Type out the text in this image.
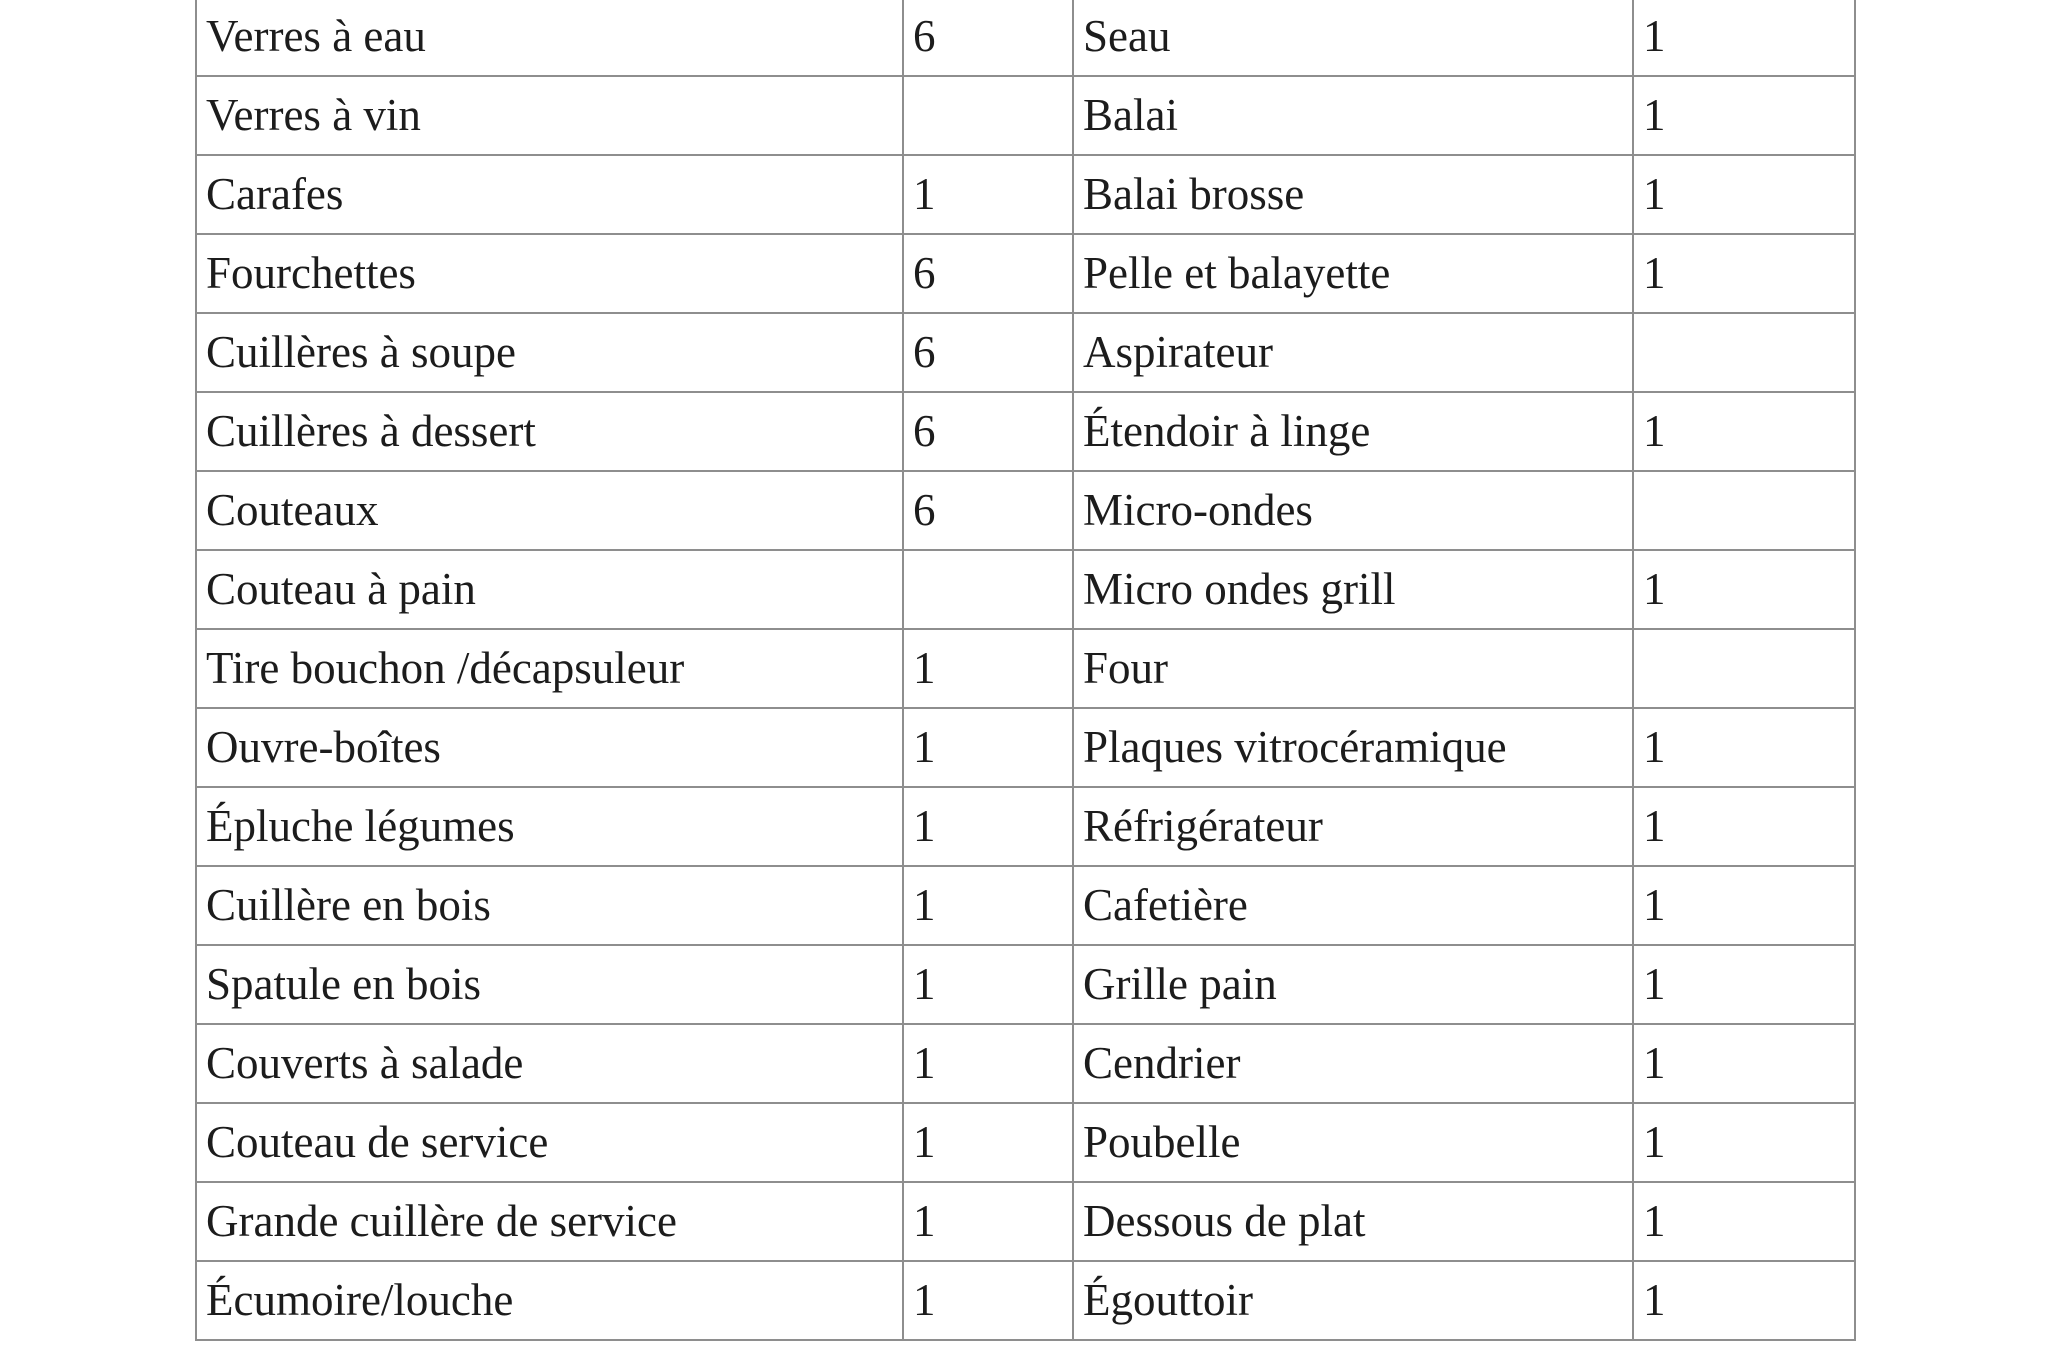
Verres à eau	6	Seau	1
Verres à vin		Balai	1
Carafes	1	Balai brosse	1
Fourchettes	6	Pelle et balayette	1
Cuillères à soupe	6	Aspirateur	
Cuillères à dessert	6	Étendoir à linge	1
Couteaux	6	Micro-ondes	
Couteau à pain		Micro ondes grill	1
Tire bouchon /décapsuleur	1	Four	
Ouvre-boîtes	1	Plaques vitrocéramique	1
Épluche légumes	1	Réfrigérateur	1
Cuillère en bois	1	Cafetière	1
Spatule en bois	1	Grille pain	1
Couverts à salade	1	Cendrier	1
Couteau de service	1	Poubelle	1
Grande cuillère de service	1	Dessous de plat	1
Écumoire/louche	1	Égouttoir	1
